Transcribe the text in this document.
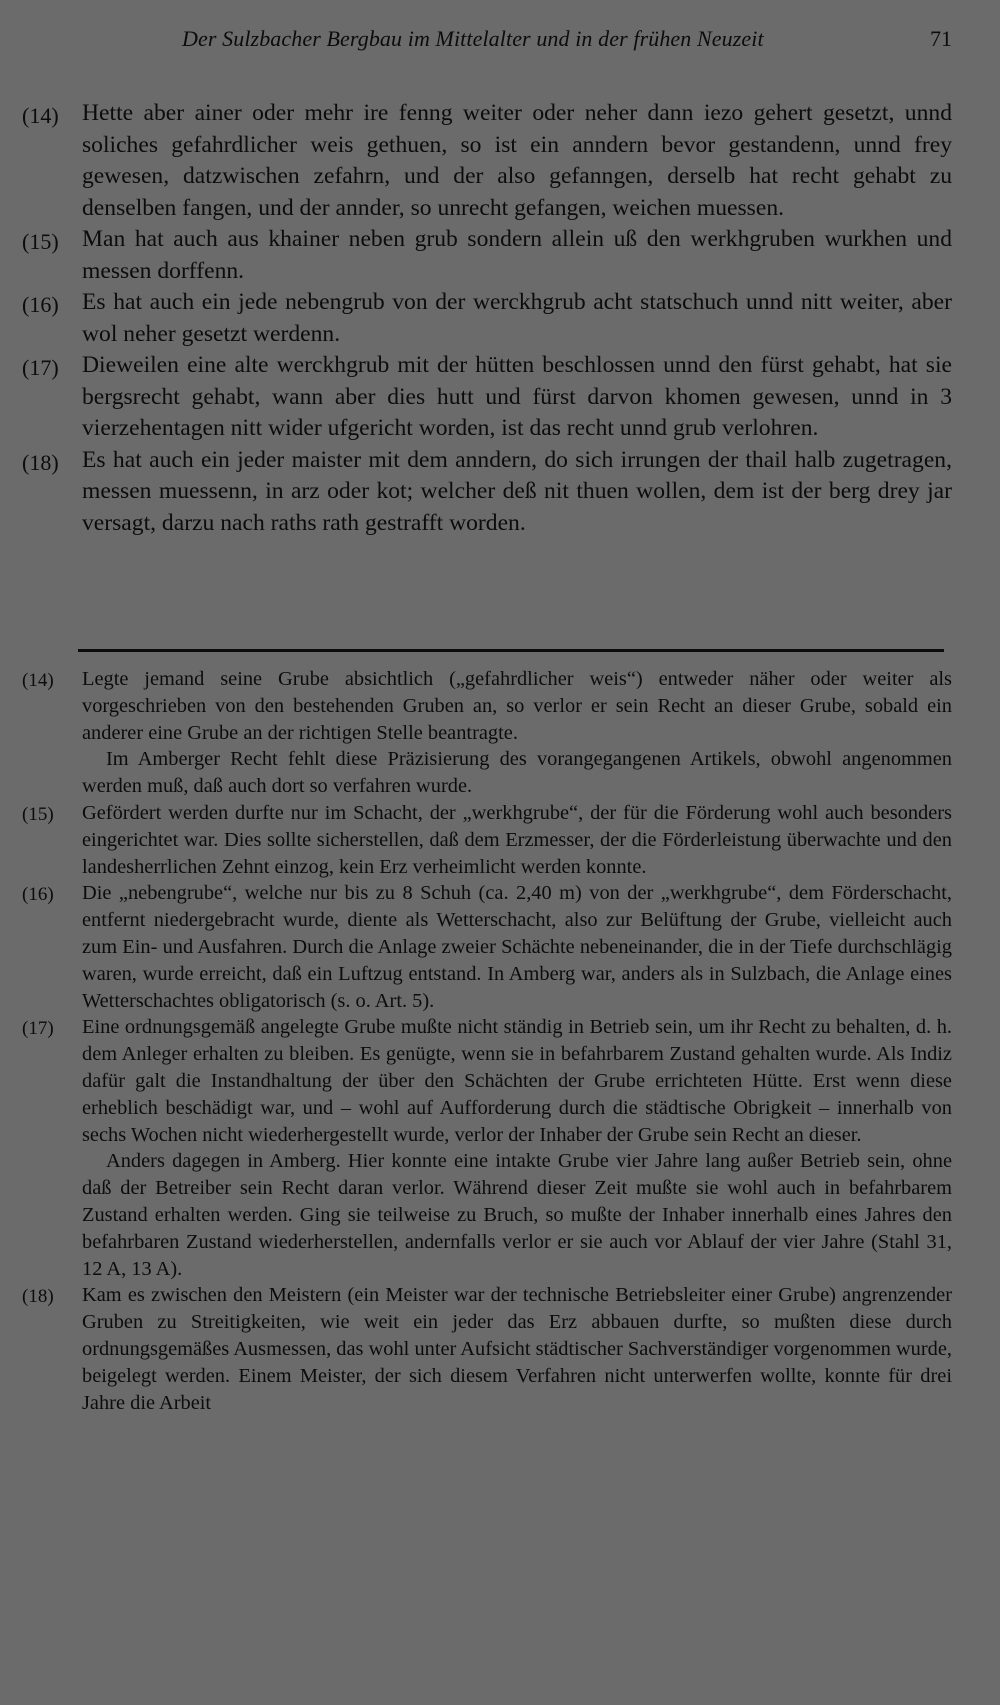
Der Sulzbacher Bergbau im Mittelalter und in der frühen Neuzeit	71
(14) Hette aber ainer oder mehr ire fenng weiter oder neher dann iezo gehert gesetzt, unnd soliches gefahrdlicher weis gethuen, so ist ein anndern bevor gestandenn, unnd frey gewesen, datzwischen zefahrn, und der also gefanngen, derselb hat recht gehabt zu denselben fangen, und der annder, so unrecht gefangen, weichen muessen.
(15) Man hat auch aus khainer neben grub sondern allein uß den werkhgruben wurkhen und messen dorffenn.
(16) Es hat auch ein jede nebengrub von der werckhgrub acht statschuch unnd nitt weiter, aber wol neher gesetzt werdenn.
(17) Dieweilen eine alte werckhgrub mit der hütten beschlossen unnd den fürst gehabt, hat sie bergsrecht gehabt, wann aber dies hutt und fürst darvon khomen gewesen, unnd in 3 vierzehentagen nitt wider ufgericht worden, ist das recht unnd grub verlohren.
(18) Es hat auch ein jeder maister mit dem anndern, do sich irrungen der thail halb zugetragen, messen muessenn, in arz oder kot; welcher deß nit thuen wollen, dem ist der berg drey jar versagt, darzu nach raths rath gestrafft worden.
(14)	Legte jemand seine Grube absichtlich („gefahrdlicher weis“) entweder näher oder weiter als vorgeschrieben von den bestehenden Gruben an, so verlor er sein Recht an dieser Grube, sobald ein anderer eine Grube an der richtigen Stelle beantragte.

Im Amberger Recht fehlt diese Präzisierung des vorangegangenen Artikels, obwohl angenommen werden muß, daß auch dort so verfahren wurde.

(15)	Gefördert werden durfte nur im Schacht, der „werkhgrube“, der für die Förderung wohl auch besonders eingerichtet war. Dies sollte sicherstellen, daß dem Erzmesser, der die Förderleistung überwachte und den landesherrlichen Zehnt einzog, kein Erz verheimlicht werden konnte.

(16)	Die „nebengrube“, welche nur bis zu 8 Schuh (ca. 2,40 m) von der „werkhgrube“, dem Förderschacht, entfernt niedergebracht wurde, diente als Wetterschacht, also zur Belüftung der Grube, vielleicht auch zum Ein- und Ausfahren. Durch die Anlage zweier Schächte nebeneinander, die in der Tiefe durchschlägig waren, wurde erreicht, daß ein Luftzug entstand. In Amberg war, anders als in Sulzbach, die Anlage eines Wetterschachtes obligatorisch (s. o. Art. 5).

(17)	Eine ordnungsgemäß angelegte Grube mußte nicht ständig in Betrieb sein, um ihr Recht zu behalten, d. h. dem Anleger erhalten zu bleiben. Es genügte, wenn sie in befahrbarem Zustand gehalten wurde. Als Indiz dafür galt die Instandhaltung der über den Schächten der Grube errichteten Hütte. Erst wenn diese erheblich beschädigt war, und – wohl auf Aufforderung durch die städtische Obrigkeit – innerhalb von sechs Wochen nicht wiederhergestellt wurde, verlor der Inhaber der Grube sein Recht an dieser.

Anders dagegen in Amberg. Hier konnte eine intakte Grube vier Jahre lang außer Betrieb sein, ohne daß der Betreiber sein Recht daran verlor. Während dieser Zeit mußte sie wohl auch in befahrbarem Zustand erhalten werden. Ging sie teilweise zu Bruch, so mußte der Inhaber innerhalb eines Jahres den befahrbaren Zustand wiederherstellen, andernfalls verlor er sie auch vor Ablauf der vier Jahre (Stahl 31, 12 A, 13 A).

(18)	Kam es zwischen den Meistern (ein Meister war der technische Betriebsleiter einer Grube) angrenzender Gruben zu Streitigkeiten, wie weit ein jeder das Erz abbauen durfte, so mußten diese durch ordnungsgemäßes Ausmessen, das wohl unter Aufsicht städtischer Sachverständiger vorgenommen wurde, beigelegt werden. Einem Meister, der sich diesem Verfahren nicht unterwerfen wollte, konnte für drei Jahre die Arbeit
